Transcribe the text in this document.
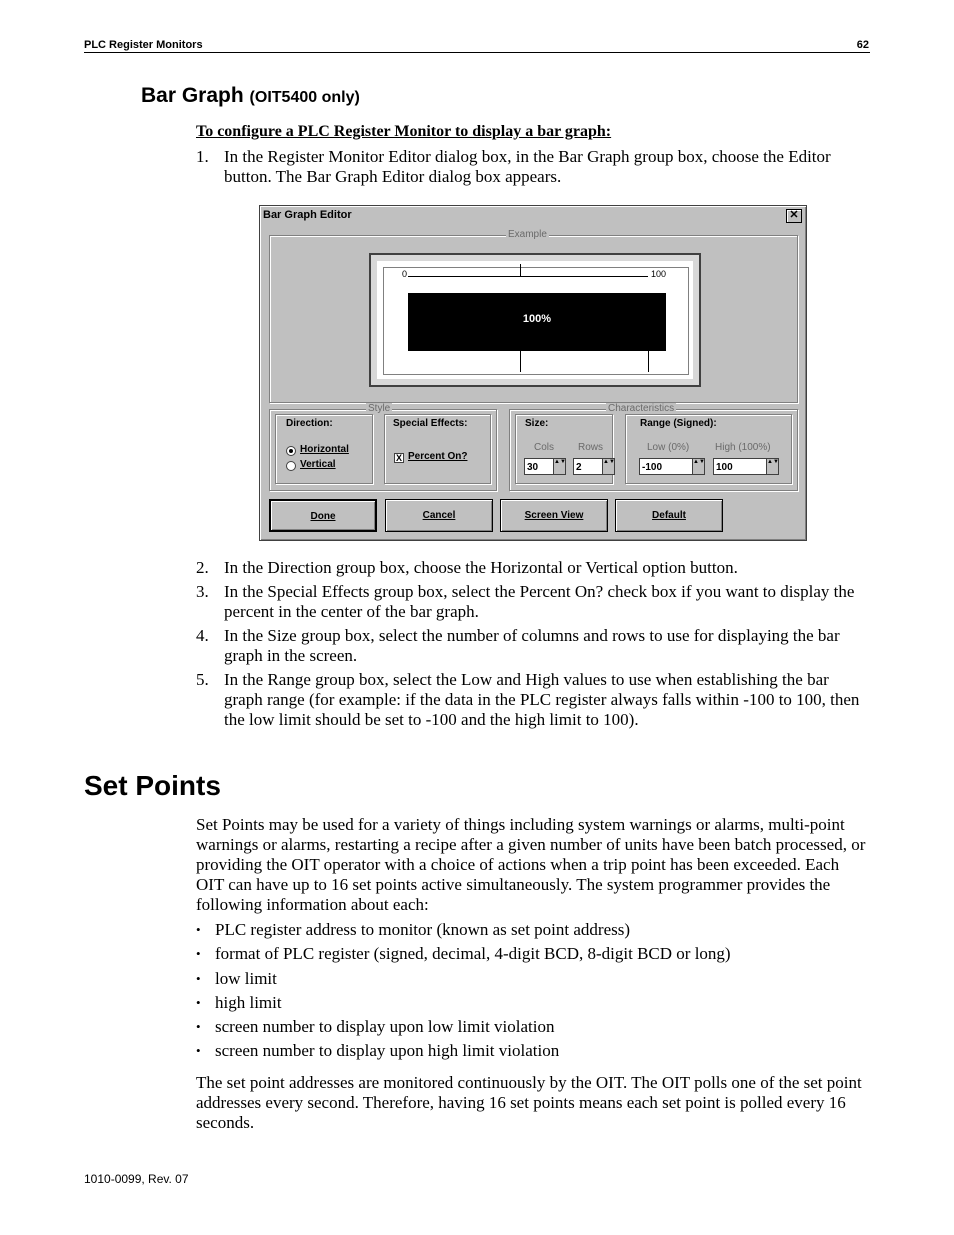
PLC Register Monitors	62
Bar Graph (OIT5400 only)
To configure a PLC Register Monitor to display a bar graph:
1. In the Register Monitor Editor dialog box, in the Bar Graph group box, choose the Editor button. The Bar Graph Editor dialog box appears.
Bar Graph Editor	✕
Example
0	100
100%
Style
Direction:
Horizontal
Vertical
Special Effects:
X Percent On?
Characteristics
Size:
Cols Rows
30	▲▼	2	▲▼
Range (Signed):
Low (0%)	High (100%)
-100	▲▼	100	▲▼
Done	Cancel	Screen View	Default
2. In the Direction group box, choose the Horizontal or Vertical option button.
3. In the Special Effects group box, select the Percent On? check box if you want to display the percent in the center of the bar graph.
4. In the Size group box, select the number of columns and rows to use for displaying the bar graph in the screen.
5. In the Range group box, select the Low and High values to use when establishing the bar graph range (for example: if the data in the PLC register always falls within -100 to 100, then the low limit should be set to -100 and the high limit to 100).
Set Points
Set Points may be used for a variety of things including system warnings or alarms, multi-point warnings or alarms, restarting a recipe after a given number of units have been batch processed, or providing the OIT operator with a choice of actions when a trip point has been exceeded. Each OIT can have up to 16 set points active simultaneously. The system programmer provides the following information about each:
• PLC register address to monitor (known as set point address)
• format of PLC register (signed, decimal, 4-digit BCD, 8-digit BCD or long)
• low limit
• high limit
• screen number to display upon low limit violation
• screen number to display upon high limit violation
The set point addresses are monitored continuously by the OIT. The OIT polls one of the set point addresses every second. Therefore, having 16 set points means each set point is polled every 16 seconds.
1010-0099, Rev. 07
